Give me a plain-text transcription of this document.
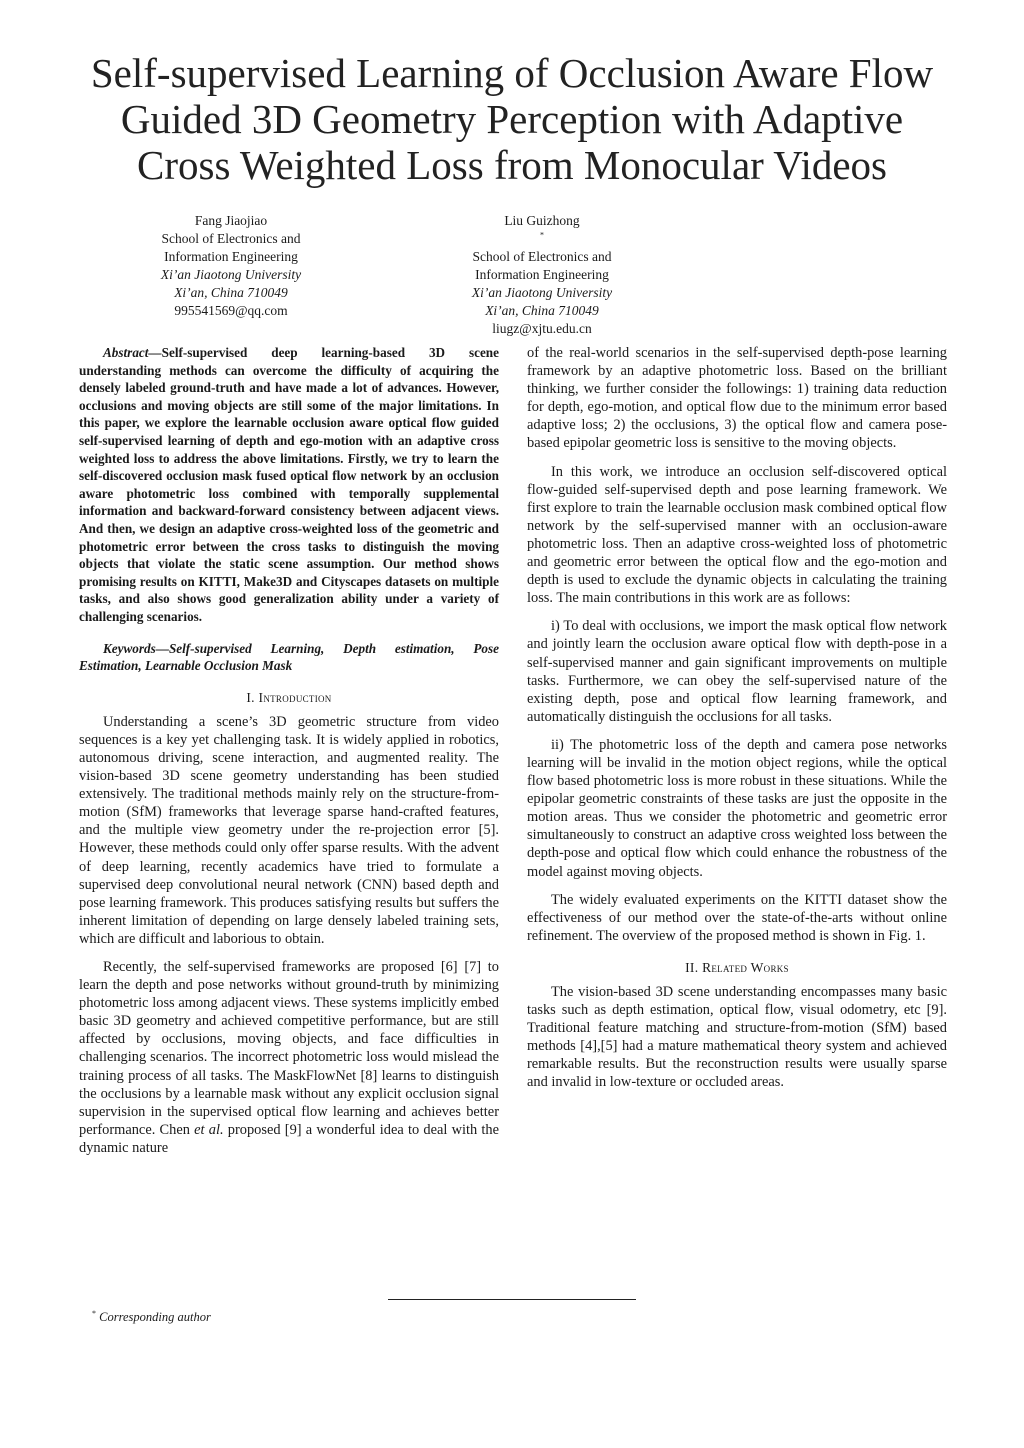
Self-supervised Learning of Occlusion Aware Flow
Guided 3D Geometry Perception with Adaptive
Cross Weighted Loss from Monocular Videos
Fang Jiaojiao
School of Electronics and
Information Engineering
Xi’an Jiaotong University
Xi’an, China 710049
995541569@qq.com
Liu Guizhong
*
School of Electronics and
Information Engineering
Xi’an Jiaotong University
Xi’an, China 710049
liugz@xjtu.edu.cn

Abstract—Self-supervised deep learning-based 3D scene understanding methods can overcome the difficulty of acquiring the densely labeled ground-truth and have made a lot of advances. However, occlusions and moving objects are still some of the major limitations. In this paper, we explore the learnable occlusion aware optical flow guided self-supervised learning of depth and ego-motion with an adaptive cross weighted loss to address the above limitations. Firstly, we try to learn the self-discovered occlusion mask fused optical flow network by an occlusion aware photometric loss combined with temporally supplemental information and backward-forward consistency between adjacent views. And then, we design an adaptive cross-weighted loss of the geometric and photometric error between the cross tasks to distinguish the moving objects that violate the static scene assumption. Our method shows promising results on KITTI, Make3D and Cityscapes datasets on multiple tasks, and also shows good generalization ability under a variety of challenging scenarios.

Keywords—Self-supervised Learning, Depth estimation, Pose Estimation, Learnable Occlusion Mask

I. Introduction

Understanding a scene’s 3D geometric structure from video sequences is a key yet challenging task. It is widely applied in robotics, autonomous driving, scene interaction, and augmented reality. The vision-based 3D scene geometry understanding has been studied extensively. The traditional methods mainly rely on the structure-from-motion (SfM) frameworks that leverage sparse hand-crafted features, and the multiple view geometry under the re-projection error [5]. However, these methods could only offer sparse results. With the advent of deep learning, recently academics have tried to formulate a supervised deep convolutional neural network (CNN) based depth and pose learning framework. This produces satisfying results but suffers the inherent limitation of depending on large densely labeled training sets, which are difficult and laborious to obtain.

Recently, the self-supervised frameworks are proposed [6] [7] to learn the depth and pose networks without ground-truth by minimizing photometric loss among adjacent views. These systems implicitly embed basic 3D geometry and achieved competitive performance, but are still affected by occlusions, moving objects, and face difficulties in challenging scenarios. The incorrect photometric loss would mislead the training process of all tasks. The MaskFlowNet [8] learns to distinguish the occlusions by a learnable mask without any explicit occlusion signal supervision in the supervised optical flow learning and achieves better performance. Chen et al. proposed [9] a wonderful idea to deal with the dynamic nature

of the real-world scenarios in the self-supervised depth-pose learning framework by an adaptive photometric loss. Based on the brilliant thinking, we further consider the followings: 1) training data reduction for depth, ego-motion, and optical flow due to the minimum error based adaptive loss; 2) the occlusions, 3) the optical flow and camera pose-based epipolar geometric loss is sensitive to the moving objects.

In this work, we introduce an occlusion self-discovered optical flow-guided self-supervised depth and pose learning framework. We first explore to train the learnable occlusion mask combined optical flow network by the self-supervised manner with an occlusion-aware photometric loss. Then an adaptive cross-weighted loss of photometric and geometric error between the optical flow and the ego-motion and depth is used to exclude the dynamic objects in calculating the training loss. The main contributions in this work are as follows:

i) To deal with occlusions, we import the mask optical flow network and jointly learn the occlusion aware optical flow with depth-pose in a self-supervised manner and gain significant improvements on multiple tasks. Furthermore, we can obey the self-supervised nature of the existing depth, pose and optical flow learning framework, and automatically distinguish the occlusions for all tasks.

ii) The photometric loss of the depth and camera pose networks learning will be invalid in the motion object regions, while the optical flow based photometric loss is more robust in these situations. While the epipolar geometric constraints of these tasks are just the opposite in the motion areas. Thus we consider the photometric and geometric error simultaneously to construct an adaptive cross weighted loss between the depth-pose and optical flow which could enhance the robustness of the model against moving objects.

The widely evaluated experiments on the KITTI dataset show the effectiveness of our method over the state-of-the-arts without online refinement. The overview of the proposed method is shown in Fig. 1.

II. Related Works

The vision-based 3D scene understanding encompasses many basic tasks such as depth estimation, optical flow, visual odometry, etc [9]. Traditional feature matching and structure-from-motion (SfM) based methods [4],[5] had a mature mathematical theory system and achieved remarkable results. But the reconstruction results were usually sparse and invalid in low-texture or occluded areas.

* Corresponding author
